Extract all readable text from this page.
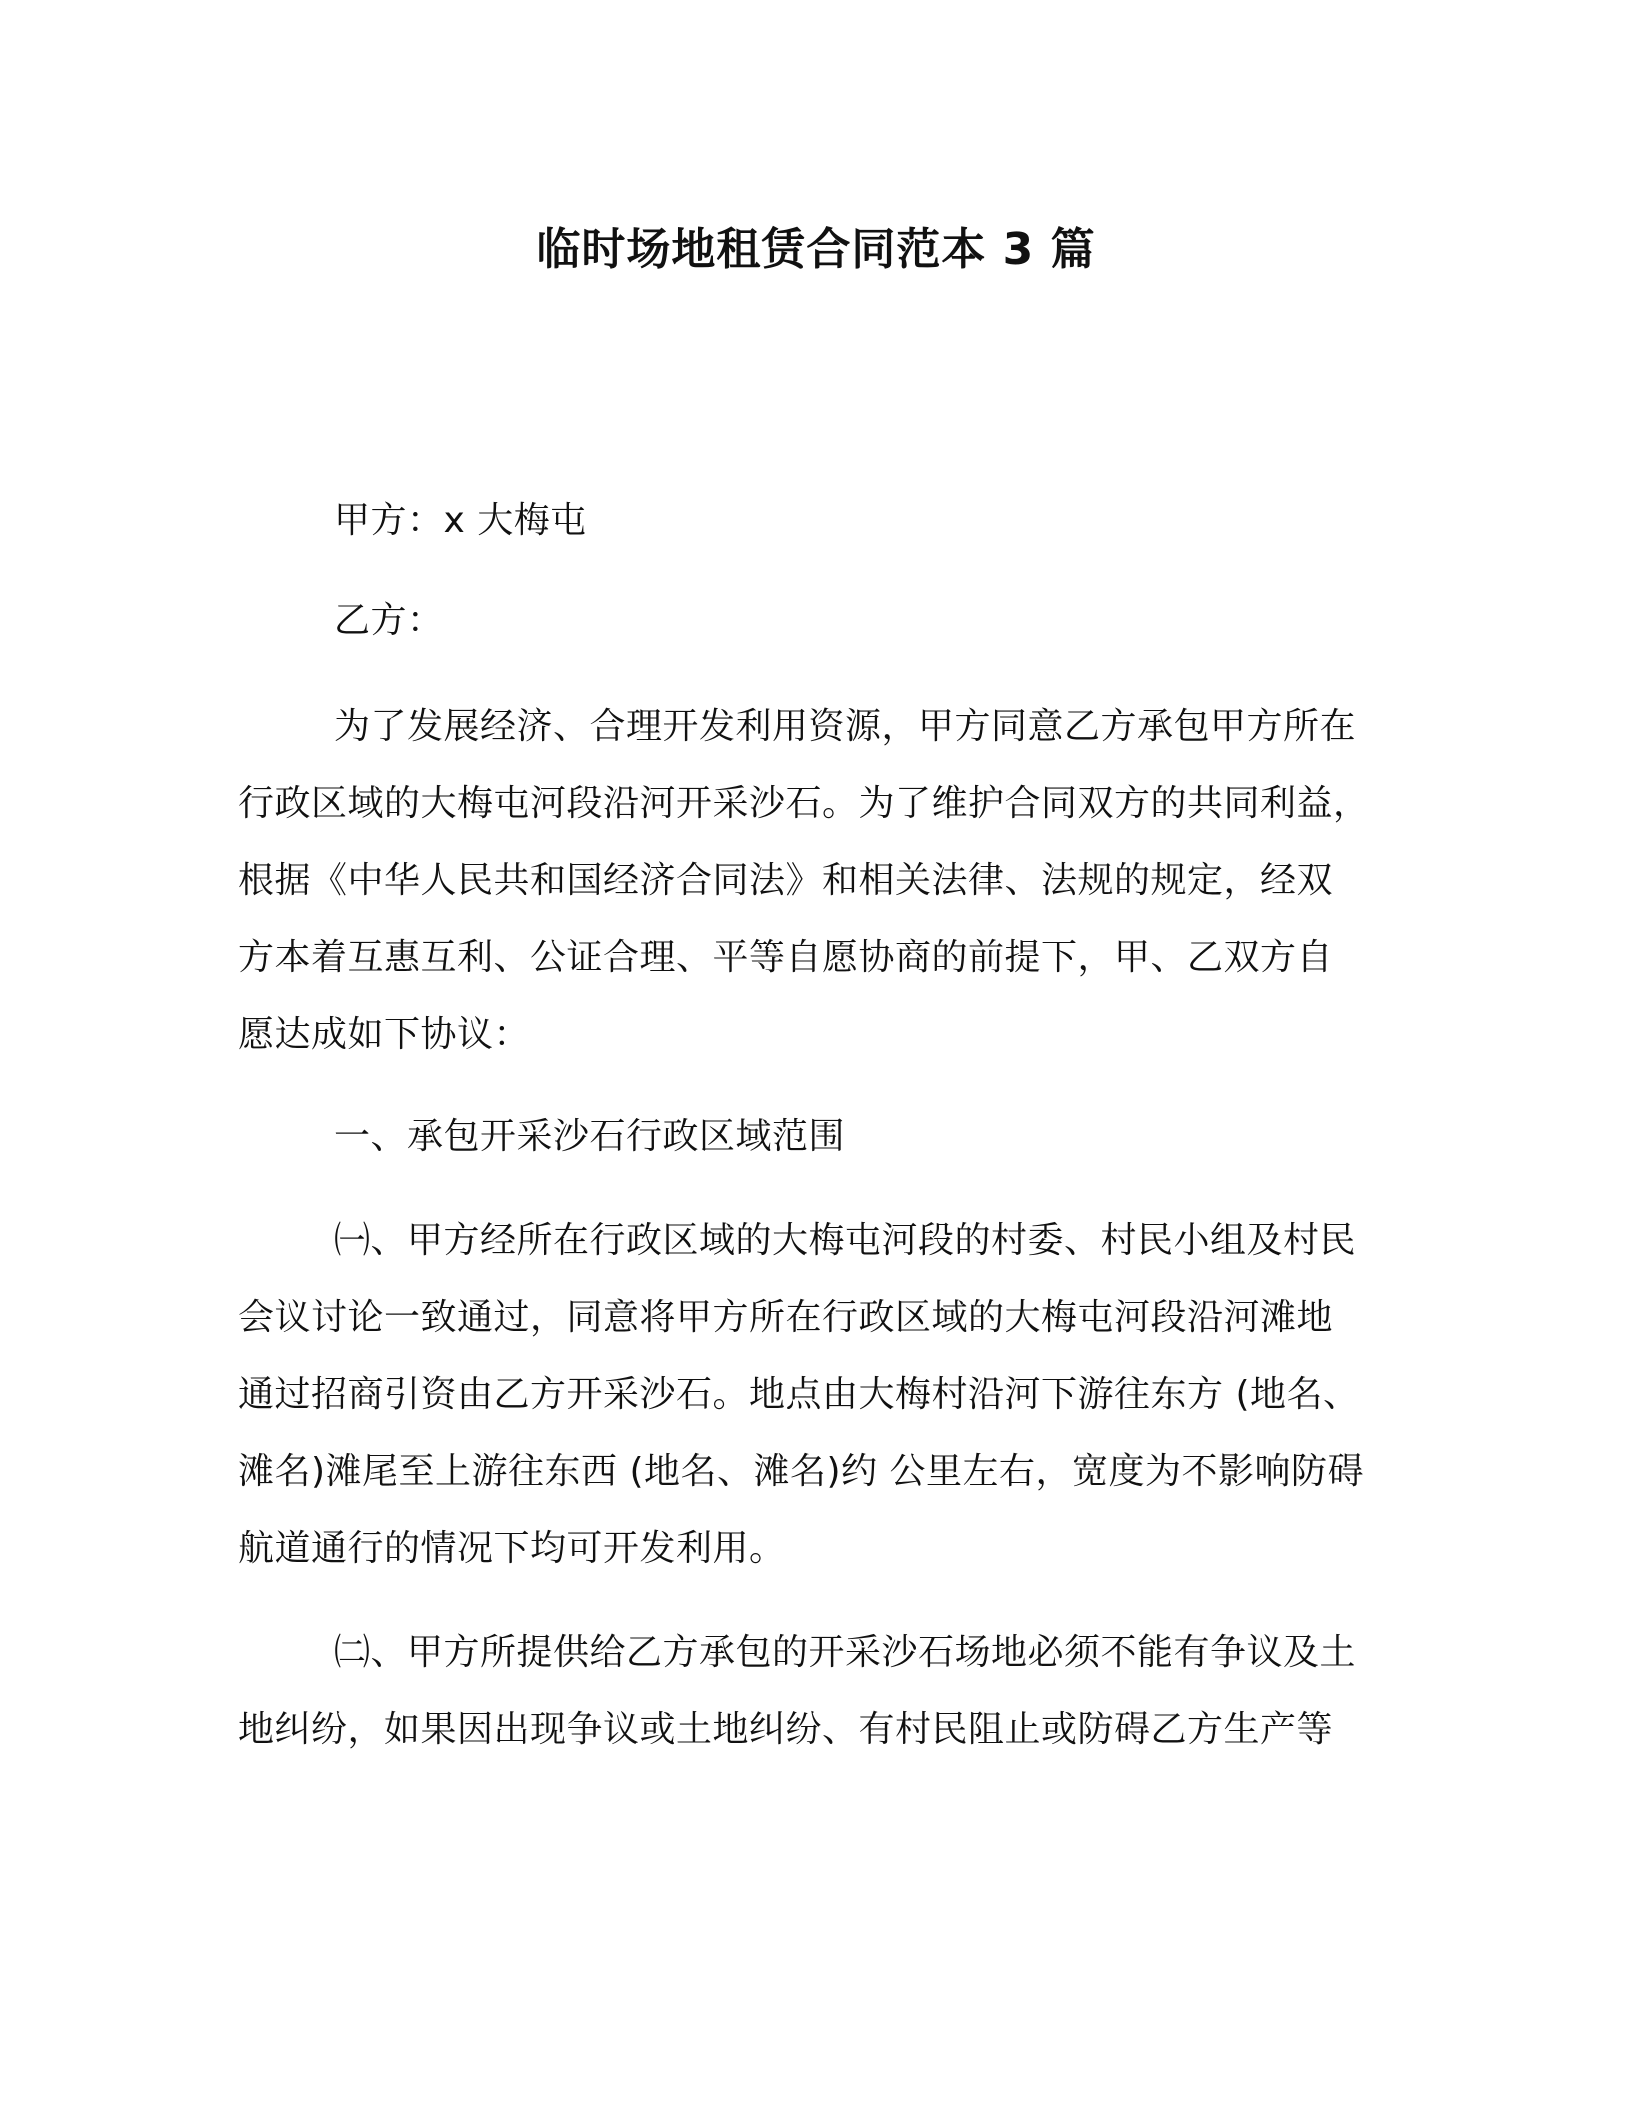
临时场地租赁合同范本 3 篇

甲方：x 大梅屯

乙方：

为了发展经济、合理开发利用资源，甲方同意乙方承包甲方所在
行政区域的大梅屯河段沿河开采沙石。为了维护合同双方的共同利益，
根据《中华人民共和国经济合同法》和相关法律、法规的规定，经双
方本着互惠互利、公证合理、平等自愿协商的前提下，甲、乙双方自
愿达成如下协议：

一、承包开采沙石行政区域范围

㈠、甲方经所在行政区域的大梅屯河段的村委、村民小组及村民
会议讨论一致通过，同意将甲方所在行政区域的大梅屯河段沿河滩地
通过招商引资由乙方开采沙石。地点由大梅村沿河下游往东方 (地名、
滩名)滩尾至上游往东西 (地名、滩名)约 公里左右，宽度为不影响防碍
航道通行的情况下均可开发利用。
㈡、甲方所提供给乙方承包的开采沙石场地必须不能有争议及土
地纠纷，如果因出现争议或土地纠纷、有村民阻止或防碍乙方生产等
